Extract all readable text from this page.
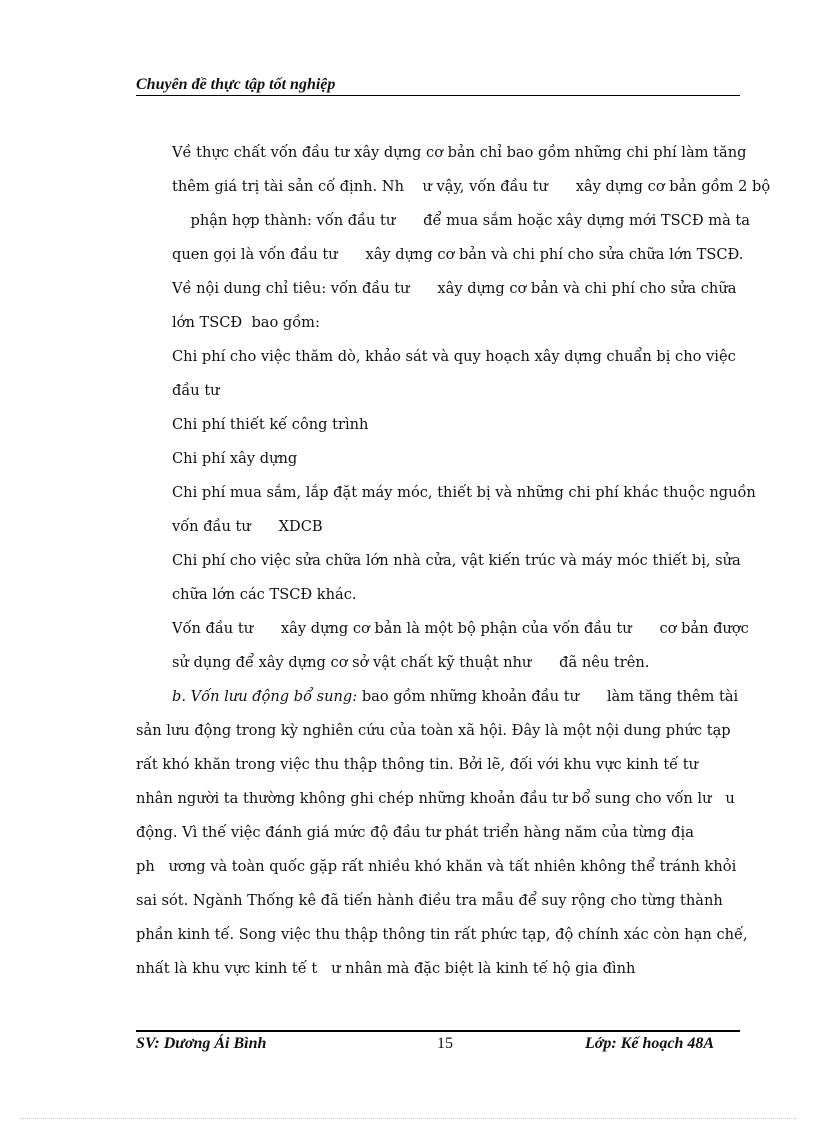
Chuyên đề thực tập tốt nghiệp
Về thực chất vốn đầu tư xây dựng cơ bản chỉ bao gồm những chi phí làm tăng
thêm giá trị tài sản cố định. Nh    ư vậy, vốn đầu tư      xây dựng cơ bản gồm 2 bộ
phận hợp thành: vốn đầu tư      để mua sắm hoặc xây dựng mới TSCĐ mà ta
quen gọi là vốn đầu tư      xây dựng cơ bản và chi phí cho sửa chữa lớn TSCĐ.
Về nội dung chỉ tiêu: vốn đầu tư      xây dựng cơ bản và chi phí cho sửa chữa
lớn TSCĐ  bao gồm:
Chi phí cho việc thăm dò, khảo sát và quy hoạch xây dựng chuẩn bị cho việc
đầu tư
Chi phí thiết kế công trình
Chi phí xây dựng
Chi phí mua sắm, lắp đặt máy móc, thiết bị và những chi phí khác thuộc nguồn
vốn đầu tư      XDCB
Chi phí cho việc sửa chữa lớn nhà cửa, vật kiến trúc và máy móc thiết bị, sửa
chữa lớn các TSCĐ khác.
Vốn đầu tư      xây dựng cơ bản là một bộ phận của vốn đầu tư      cơ bản được
sử dụng để xây dựng cơ sở vật chất kỹ thuật như      đã nêu trên.
b. Vốn lưu động bổ sung: bao gồm những khoản đầu tư      làm tăng thêm tài
sản lưu động trong kỳ nghiên cứu của toàn xã hội. Đây là một nội dung phức tạp
rất khó khăn trong việc thu thập thông tin. Bởi lẽ, đối với khu vực kinh tế tư
nhân người ta thường không ghi chép những khoản đầu tư bổ sung cho vốn lư   u
động. Vì thế việc đánh giá mức độ đầu tư phát triển hàng năm của từng địa
ph   ương và toàn quốc gặp rất nhiều khó khăn và tất nhiên không thể tránh khỏi
sai sót. Ngành Thống kê đã tiến hành điều tra mẫu để suy rộng cho từng thành
phần kinh tế. Song việc thu thập thông tin rất phức tạp, độ chính xác còn hạn chế,
nhất là khu vực kinh tế t   ư nhân mà đặc biệt là kinh tế hộ gia đình
SV: Dương Ái Bình	15	Lớp: Kế hoạch 48A
